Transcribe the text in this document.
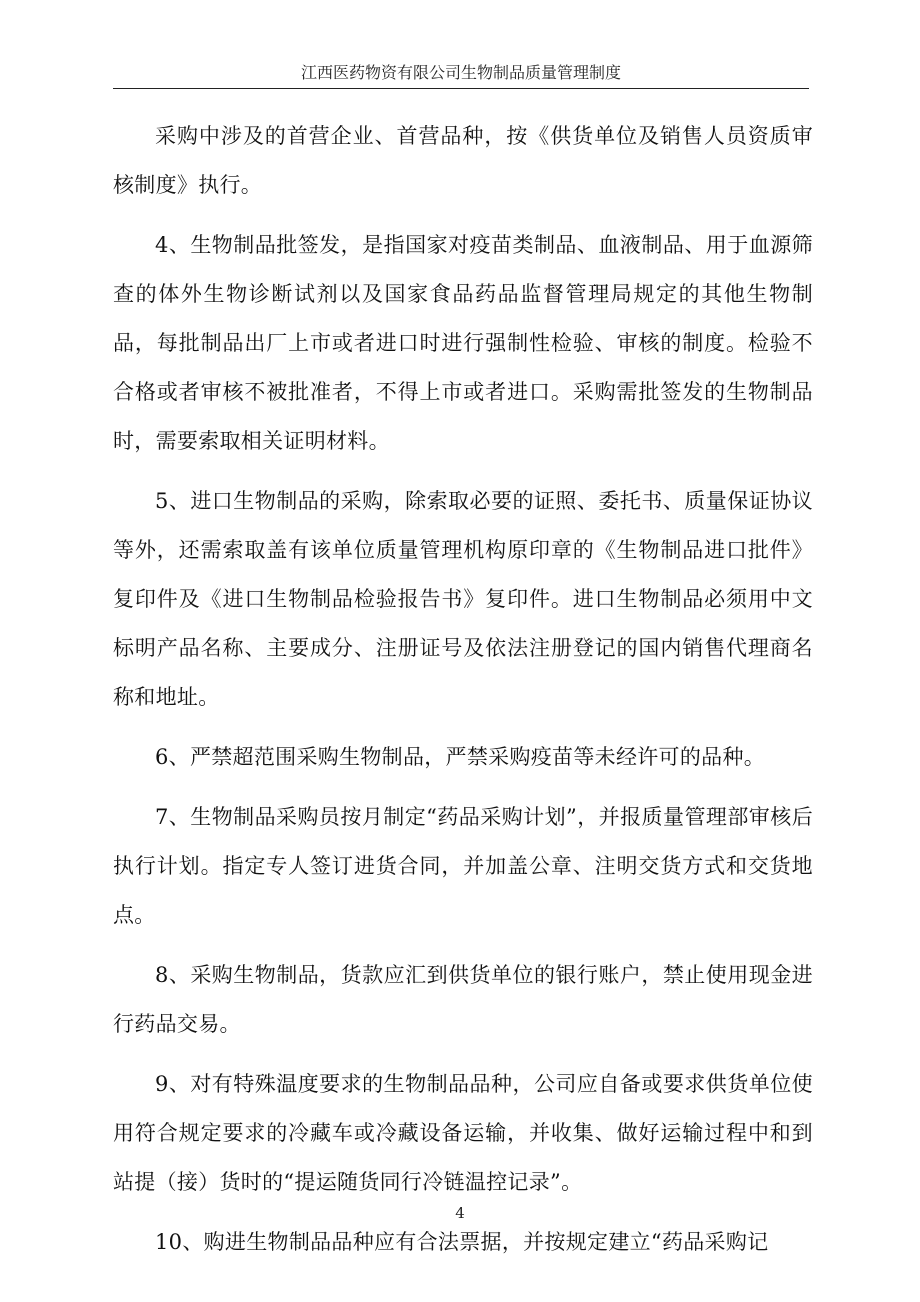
江西医药物资有限公司生物制品质量管理制度

采购中涉及的首营企业、首营品种，按《供货单位及销售人员资质审核制度》执行。

4、生物制品批签发，是指国家对疫苗类制品、血液制品、用于血源筛查的体外生物诊断试剂以及国家食品药品监督管理局规定的其他生物制品，每批制品出厂上市或者进口时进行强制性检验、审核的制度。检验不合格或者审核不被批准者，不得上市或者进口。采购需批签发的生物制品时，需要索取相关证明材料。

5、进口生物制品的采购，除索取必要的证照、委托书、质量保证协议等外，还需索取盖有该单位质量管理机构原印章的《生物制品进口批件》复印件及《进口生物制品检验报告书》复印件。进口生物制品必须用中文标明产品名称、主要成分、注册证号及依法注册登记的国内销售代理商名称和地址。

6、严禁超范围采购生物制品，严禁采购疫苗等未经许可的品种。

7、生物制品采购员按月制定“药品采购计划”，并报质量管理部审核后执行计划。指定专人签订进货合同，并加盖公章、注明交货方式和交货地点。

8、采购生物制品，货款应汇到供货单位的银行账户，禁止使用现金进行药品交易。

9、对有特殊温度要求的生物制品品种，公司应自备或要求供货单位使用符合规定要求的冷藏车或冷藏设备运输，并收集、做好运输过程中和到站提（接）货时的“提运随货同行冷链温控记录”。

10、购进生物制品品种应有合法票据，并按规定建立“药品采购记

4
